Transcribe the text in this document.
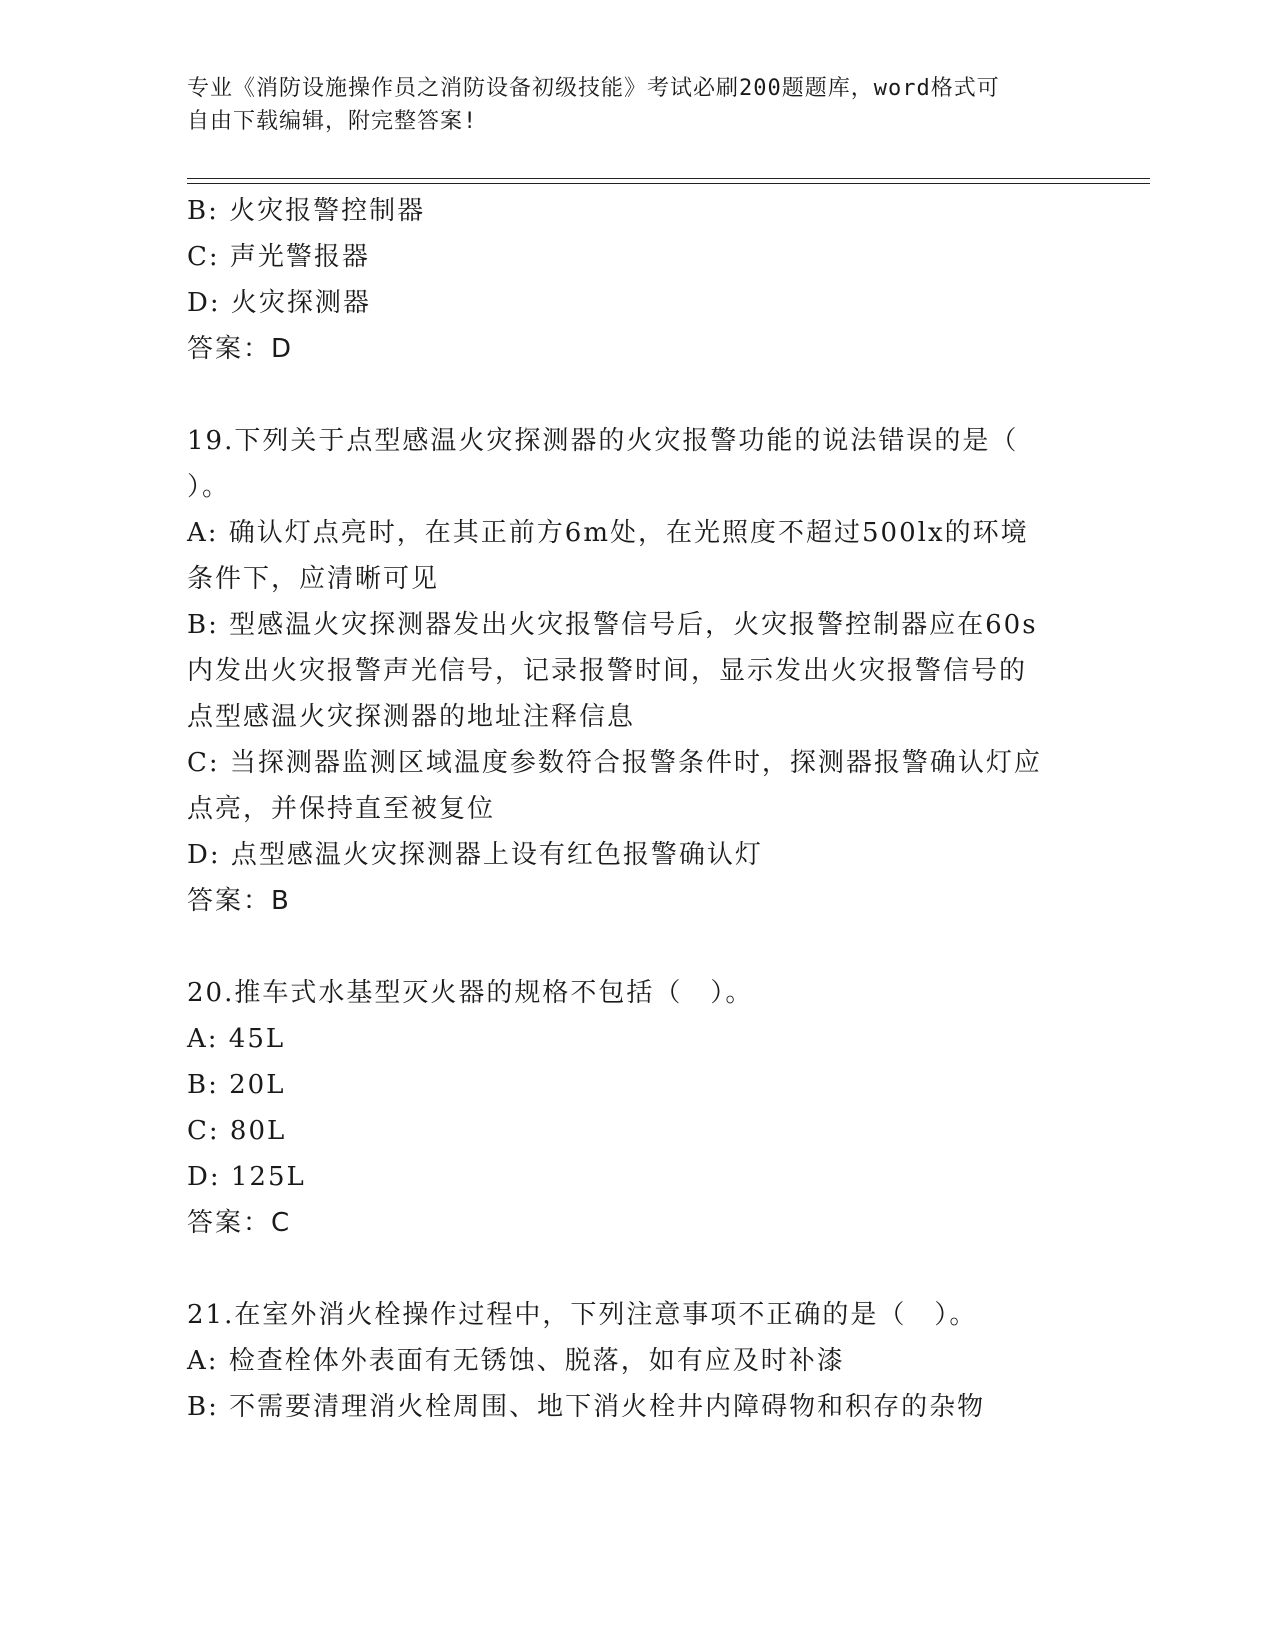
专业《消防设施操作员之消防设备初级技能》考试必刷200题题库，word格式可
自由下载编辑，附完整答案!
B: 火灾报警控制器
C: 声光警报器
D: 火灾探测器
答案：D
19.下列关于点型感温火灾探测器的火灾报警功能的说法错误的是（
）。
A: 确认灯点亮时，在其正前方6m处，在光照度不超过500lx的环境
条件下，应清晰可见
B: 型感温火灾探测器发出火灾报警信号后，火灾报警控制器应在60s
内发出火灾报警声光信号，记录报警时间，显示发出火灾报警信号的
点型感温火灾探测器的地址注释信息
C: 当探测器监测区域温度参数符合报警条件时，探测器报警确认灯应
点亮，并保持直至被复位
D: 点型感温火灾探测器上设有红色报警确认灯
答案：B
20.推车式水基型灭火器的规格不包括（　）。
A: 45L
B: 20L
C: 80L
D: 125L
答案：C
21.在室外消火栓操作过程中，下列注意事项不正确的是（　）。
A: 检查栓体外表面有无锈蚀、脱落，如有应及时补漆
B: 不需要清理消火栓周围、地下消火栓井内障碍物和积存的杂物
